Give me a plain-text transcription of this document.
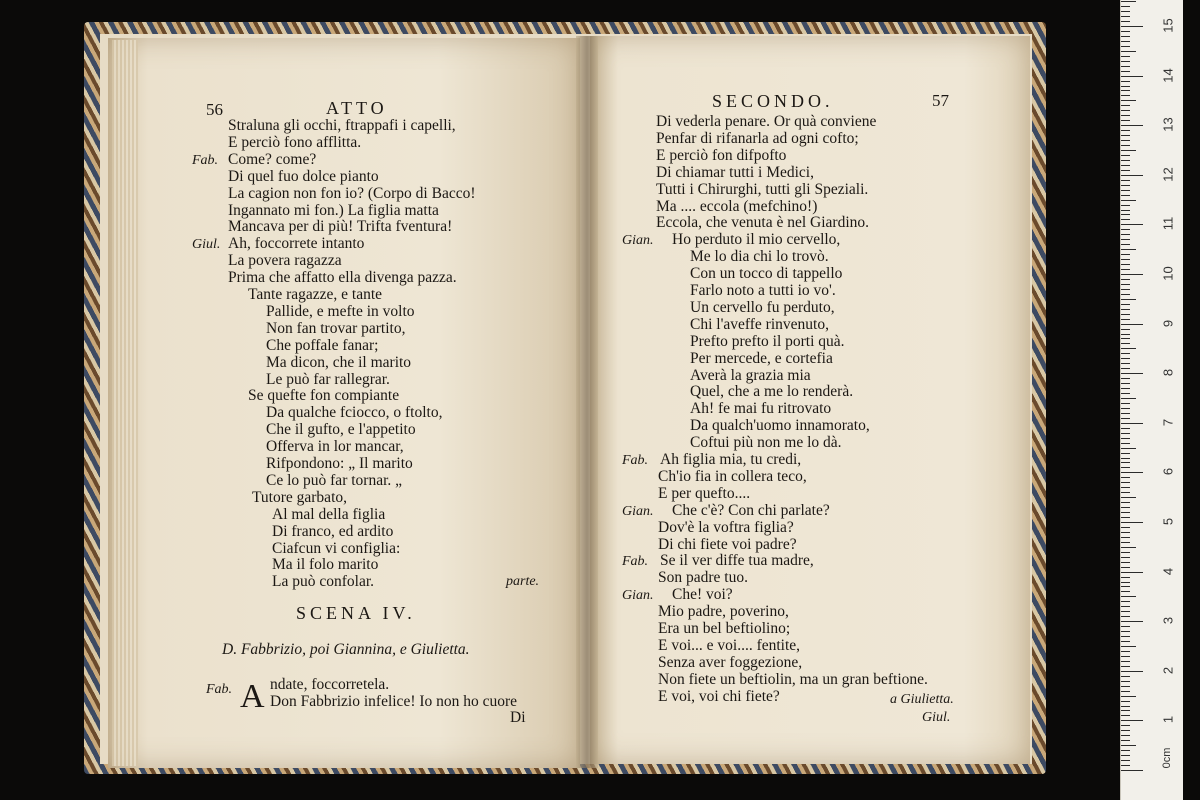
0cm
1
2
3
4
5
6
7
8
9
10
11
12
13
14
15
56	ATTO
parte.
SCENA IV.
D. Fabbrizio, poi Giannina, e Giulietta.
Fab. A ndate, foccorretela.
Don Fabbrizio infelice! Io non ho cuore
Di
SECONDO.	57
a Giulietta.
Giul.
Straluna gli occhi, ftrappafi i capelli,
E perciò fono afflitta.
Fab. Come? come?
Di quel fuo dolce pianto
La cagion non fon io? (Corpo di Bacco!
Ingannato mi fon.) La figlia matta
Mancava per di più! Trifta fventura!
Giul. Ah, foccorrete intanto
La povera ragazza
Prima che affatto ella divenga pazza.
Tante ragazze, e tante
Pallide, e mefte in volto
Non fan trovar partito,
Che poffale fanar;
Ma dicon, che il marito
Le può far rallegrar.
Se quefte fon compiante
Da qualche fciocco, o ftolto,
Che il gufto, e l'appetito
Offerva in lor mancar,
Rifpondono: „ Il marito
Ce lo può far tornar. „
Tutore garbato,
Al mal della figlia
Di franco, ed ardito
Ciafcun vi configlia:
Ma il folo marito
La può confolar.
Di vederla penare. Or quà conviene
Penfar di rifanarla ad ogni cofto;
E perciò fon difpofto
Di chiamar tutti i Medici,
Tutti i Chirurghi, tutti gli Speziali.
Ma .... eccola (mefchino!)
Eccola, che venuta è nel Giardino.
Gian. Ho perduto il mio cervello,
Me lo dia chi lo trovò.
Con un tocco di tappello
Farlo noto a tutti io vo'.
Un cervello fu perduto,
Chi l'aveffe rinvenuto,
Prefto prefto il porti quà.
Per mercede, e cortefia
Averà la grazia mia
Quel, che a me lo renderà.
Ah! fe mai fu ritrovato
Da qualch'uomo innamorato,
Coftui più non me lo dà.
Fab. Ah figlia mia, tu credi,
Ch'io fia in collera teco,
E per quefto....
Gian. Che c'è? Con chi parlate?
Dov'è la voftra figlia?
Di chi fiete voi padre?
Fab. Se il ver diffe tua madre,
Son padre tuo.
Gian. Che! voi?
Mio padre, poverino,
Era un bel beftiolino;
E voi... e voi.... fentite,
Senza aver foggezione,
Non fiete un beftiolin, ma un gran beftione.
E voi, voi chi fiete?
